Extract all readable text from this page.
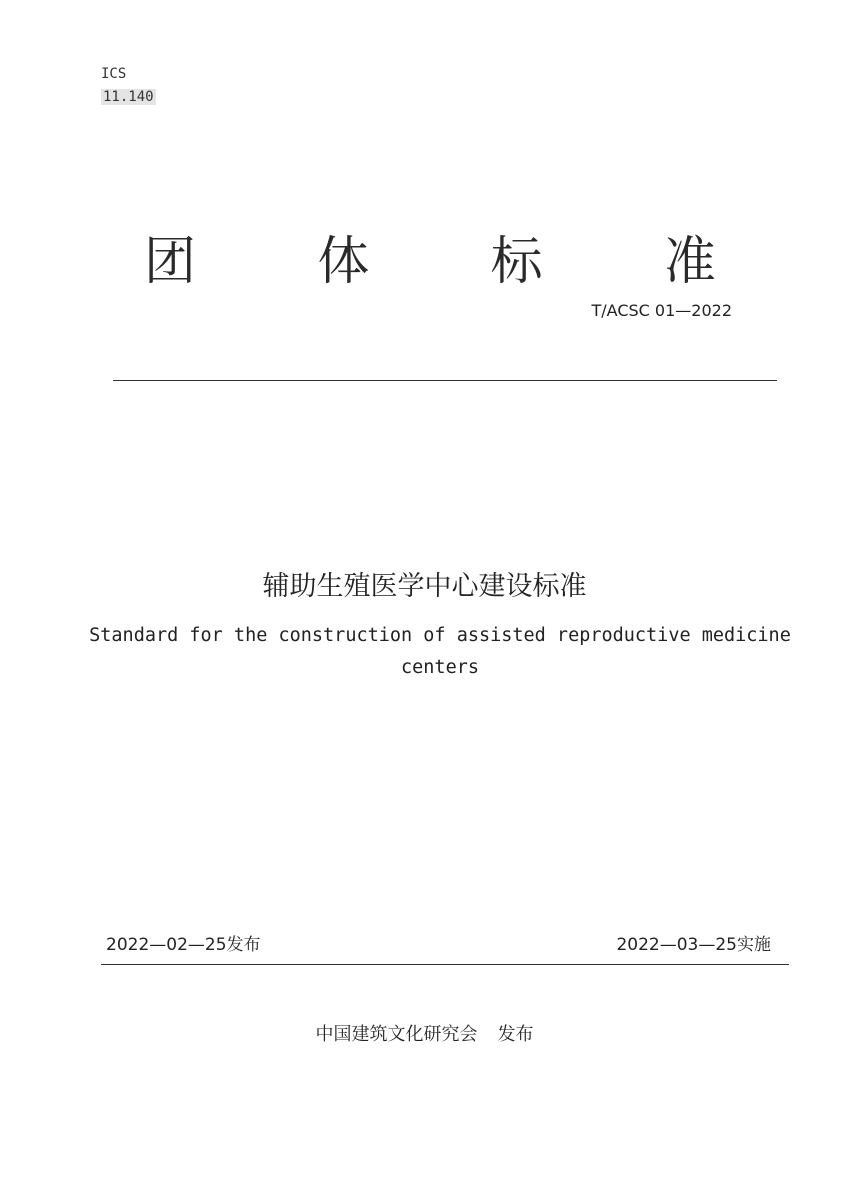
ICS
11.140
团 体 标 准
T/ACSC 01—2022
辅助生殖医学中心建设标准
Standard for the construction of assisted reproductive medicine centers
2022—02—25发布	2022—03—25实施
中国建筑文化研究会 发布
